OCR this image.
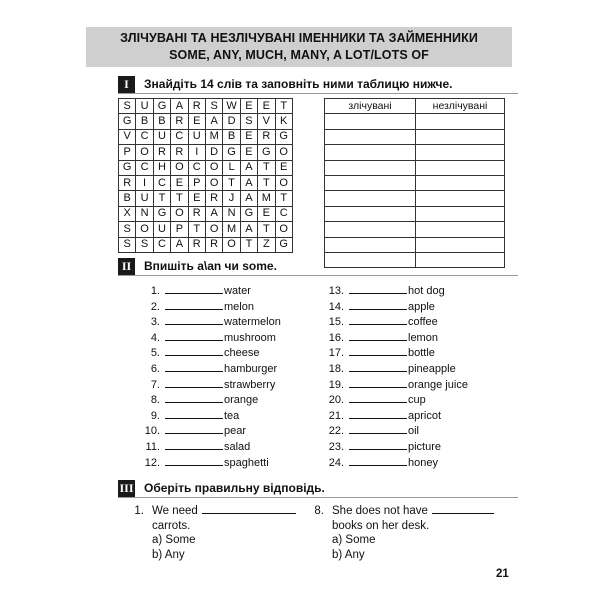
ЗЛІЧУВАНІ ТА НЕЗЛІЧУВАНІ ІМЕННИКИ ТА ЗАЙМЕННИКИ
SOME, ANY, MUCH, MANY, A LOT/LOTS OF
I	Знайдіть 14 слів та заповніть ними таблицю нижче.
S	U	G	A	R	S	W	E	E	T
G	B	B	R	E	A	D	S	V	K
V	C	U	C	U	M	B	E	R	G
P	O	R	R	I	D	G	E	G	O
G	C	H	O	C	O	L	A	T	E
R	I	C	E	P	O	T	A	T	O
B	U	T	T	E	R	J	A	M	T
X	N	G	O	R	A	N	G	E	C
S	O	U	P	T	O	M	A	T	O
S	S	C	A	R	R	O	T	Z	G
злічувані	незлічувані

II	Впишіть a\an чи some.
1.	water
2.	melon
3.	watermelon
4.	mushroom
5.	cheese
6.	hamburger
7.	strawberry
8.	orange
9.	tea
10.	pear
11.	salad
12.	spaghetti
13.	hot dog
14.	apple
15.	coffee
16.	lemon
17.	bottle
18.	pineapple
19.	orange juice
20.	cup
21.	apricot
22.	oil
23.	picture
24.	honey
III Оберіть правильну відповідь.
1. We need
carrots.
a) Some
b) Any
8. She does not have
books on her desk.
a) Some
b) Any
21
